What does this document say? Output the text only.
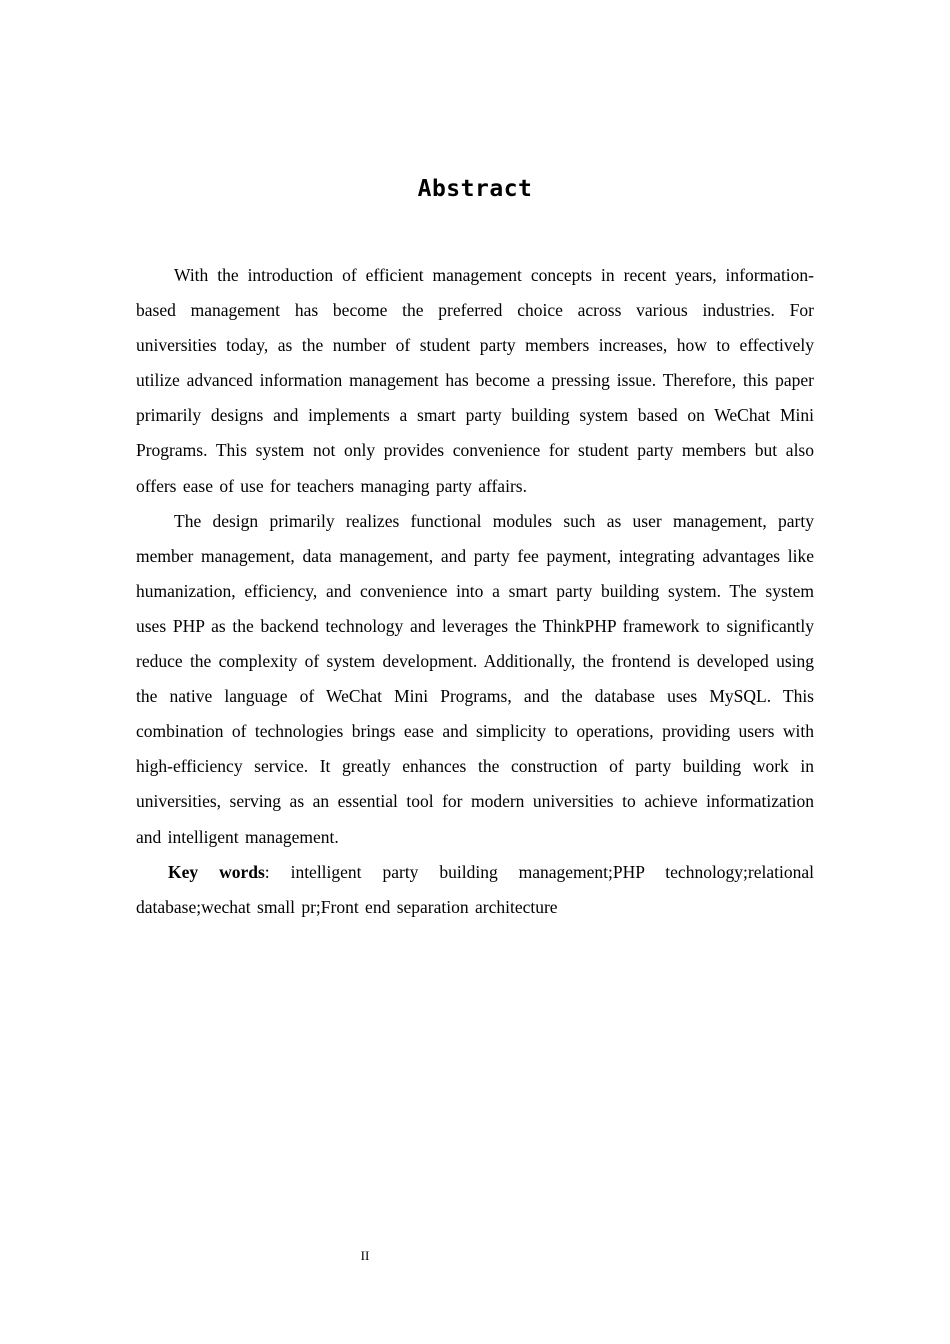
Abstract

With the introduction of efficient management concepts in recent years, information-based management has become the preferred choice across various industries. For universities today, as the number of student party members increases, how to effectively utilize advanced information management has become a pressing issue. Therefore, this paper primarily designs and implements a smart party building system based on WeChat Mini Programs. This system not only provides convenience for student party members but also offers ease of use for teachers managing party affairs.

The design primarily realizes functional modules such as user management, party member management, data management, and party fee payment, integrating advantages like humanization, efficiency, and convenience into a smart party building system. The system uses PHP as the backend technology and leverages the ThinkPHP framework to significantly reduce the complexity of system development. Additionally, the frontend is developed using the native language of WeChat Mini Programs, and the database uses MySQL. This combination of technologies brings ease and simplicity to operations, providing users with high-efficiency service. It greatly enhances the construction of party building work in universities, serving as an essential tool for modern universities to achieve informatization and intelligent management.

Key words: intelligent party building management;PHP technology;relational database;wechat small pr;Front end separation architecture

II
